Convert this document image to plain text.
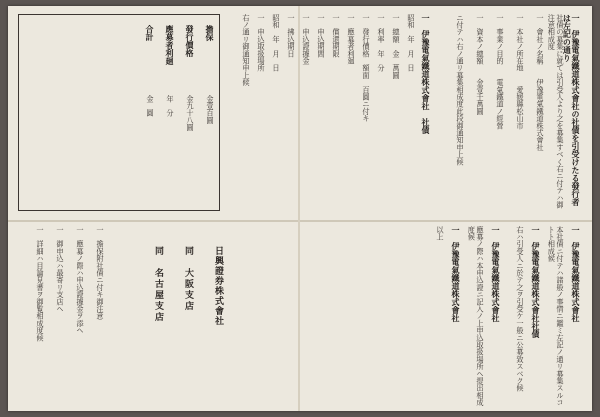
一　伊豫電氣鐵道株式會社の社債を引受けたる發行者は左記の通り
社債の募集に就ては引受人より之を募集すべく右ニ付テハ御注意相成度
一　會社ノ名稱　　伊豫電氣鐵道株式會社
一　本社ノ所在地　　愛媛縣松山市
一　事業ノ目的　　電氣鐵道ノ經營
一　資本ノ總額　　金壹千萬圓
ニ付テハ右ノ通リ募集相成度此段御通知申上候
一　伊豫電氣鐵道株式會社　社債
昭和　年　月　日
一　總額　金　萬圓
一　利率　年　分
一　發行價格　額面　百圓ニ付キ
一　應募者利廻
一　償還期限
一　申込期間
一　申込證據金
一　拂込期日
昭和　年　月　日
一　申込取扱場所
右ノ通リ御通知申上候
擔保
金壹百圓
發行價格
金九十八圓
應募者利廻
年　分
合計
金　圓
一　伊豫電氣鐵道株式會社
本社債ニ付テハ諸般ノ事情ニ鑑ミ左記ノ通リ募集スルコトト相成候
一　伊豫電氣鐵道株式會社社債
右ハ引受人ニ於テ之ヲ引受ケ一般ニ公募致スベク候
一　伊豫電氣鐵道株式會社
應募ノ際ハ本申込證ニ記入ノ上申込取扱場所ヘ提出相成度候
一　伊豫電氣鐵道株式會社
以上
日興證券株式會社
同　大阪支店
同　名古屋支店
一　擔保附社債ニ付キ御注意
一　應募ノ際ハ申込證據金ヲ添ヘ
一　御申込ハ最寄リ支店ヘ
一　詳細ハ目論見書ヲ御覧相成度候
